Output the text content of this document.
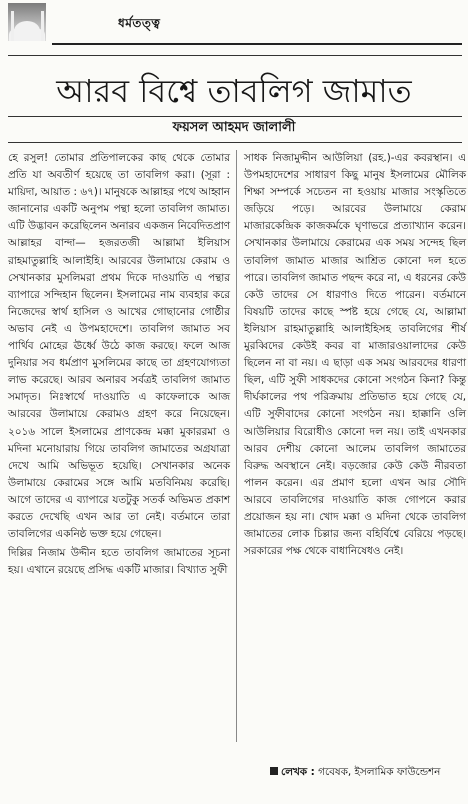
ধর্মতত্ত্ব
আরব বিশ্বে তাবলিগ জামাত
ফয়সল আহমদ জালালী

হে রসুল! তোমার প্রতিপালকের কাছ থেকে তোমার প্রতি যা অবতীর্ণ হয়েছে তা তাবলিগ করা। (সূরা : মায়িদা, আয়াত : ৬৭)। মানুষকে আল্লাহর পথে আহ্বান জানানোর একটি অনুপম পন্থা হলো তাবলিগ জামাত। এটি উদ্ভাবন করেছিলেন অনারব একজন নিবেদিতপ্রাণ আল্লাহর বান্দা— হজরতজী আল্লামা ইলিয়াস রাহমাতুল্লাহি আলাইহি। আরবের উলামায়ে কেরাম ও সেখানকার মুসলিমরা প্রথম দিকে দাওয়াতি এ পন্থার ব্যাপারে সন্দিহান ছিলেন। ইসলামের নাম ব্যবহার করে নিজেদের স্বার্থ হাসিল ও আখের গোছানোর গোষ্ঠীর অভাব নেই এ উপমহাদেশে। তাবলিগ জামাত সব পার্থিব মোহের ঊর্ধ্বে উঠে কাজ করছে। ফলে আজ দুনিয়ার সব ধর্মপ্রাণ মুসলিমের কাছে তা গ্রহণযোগ্যতা লাভ করেছে। আরব অনারব সর্বত্রই তাবলিগ জামাত সমাদৃত। নিঃস্বার্থে দাওয়াতি এ কাফেলাকে আজ আরবের উলামায়ে কেরামও গ্রহণ করে নিয়েছেন। ২০১৬ সালে ইসলামের প্রাণকেন্দ্র মক্কা মুকাররমা ও মদিনা মনোয়ারায় গিয়ে তাবলিগ জামাতের অগ্রযাত্রা দেখে আমি অভিভূত হয়েছি। সেখানকার অনেক উলামায়ে কেরামের সঙ্গে আমি মতবিনিময় করেছি। আগে তাদের এ ব্যাপারে যতটুকু সতর্ক অভিমত প্রকাশ করতে দেখেছি এখন আর তা নেই। বর্তমানে তারা তাবলিগের একনিষ্ঠ ভক্ত হয়ে গেছেন।

দিল্লির নিজাম উদ্দীন হতে তাবলিগ জামাতের সূচনা হয়। এখানে রয়েছে প্রসিদ্ধ একটি মাজার। বিখ্যাত সুফী

সাধক নিজামুদ্দীন আউলিয়া (রহ.)-এর কবরস্থান। এ উপমহাদেশের সাধারণ কিছু মানুষ ইসলামের মৌলিক শিক্ষা সম্পর্কে সচেতন না হওয়ায় মাজার সংস্কৃতিতে জড়িয়ে পড়ে। আরবের উলামায়ে কেরাম মাজারকেন্দ্রিক কাজকর্মকে ঘৃণাভরে প্রত্যাখ্যান করেন। সেখানকার উলামায়ে কেরামের এক সময় সন্দেহ ছিল তাবলিগ জামাত মাজার আশ্রিত কোনো দল হতে পারে। তাবলিগ জামাত পছন্দ করে না, এ ধরনের কেউ কেউ তাদের সে ধারণাও দিতে পারেন। বর্তমানে বিষয়টি তাদের কাছে স্পষ্ট হয়ে গেছে যে, আল্লামা ইলিয়াস রাহমাতুল্লাহি আলাইহিসহ তাবলিগের শীর্ষ মুরব্বিদের কেউই কবর বা মাজারওয়ালাদের কেউ ছিলেন না বা নয়। এ ছাড়া এক সময় আরবদের ধারণা ছিল, এটি সুফী সাধকদের কোনো সংগঠন কিনা? কিন্তু দীর্ঘকালের পথ পরিক্রমায় প্রতিভাত হয়ে গেছে যে, এটি সুফীবাদের কোনো সংগঠন নয়। হাক্কানি ওলি আউলিয়ার বিরোধীও কোনো দল নয়। তাই এখনকার আরব দেশীয় কোনো আলেম তাবলিগ জামাতের বিরুদ্ধ অবস্থানে নেই। বড়জোর কেউ কেউ নীরবতা পালন করেন। এর প্রমাণ হলো এখন আর সৌদি আরবে তাবলিগের দাওয়াতি কাজ গোপনে করার প্রয়োজন হয় না। খোদ মক্কা ও মদিনা থেকে তাবলিগ জামাতের লোক চিল্লার জন্য বহির্বিশ্বে বেরিয়ে পড়ছে। সরকারের পক্ষ থেকে বাধানিষেধও নেই।

লেখক : গবেষক, ইসলামিক ফাউন্ডেশন
